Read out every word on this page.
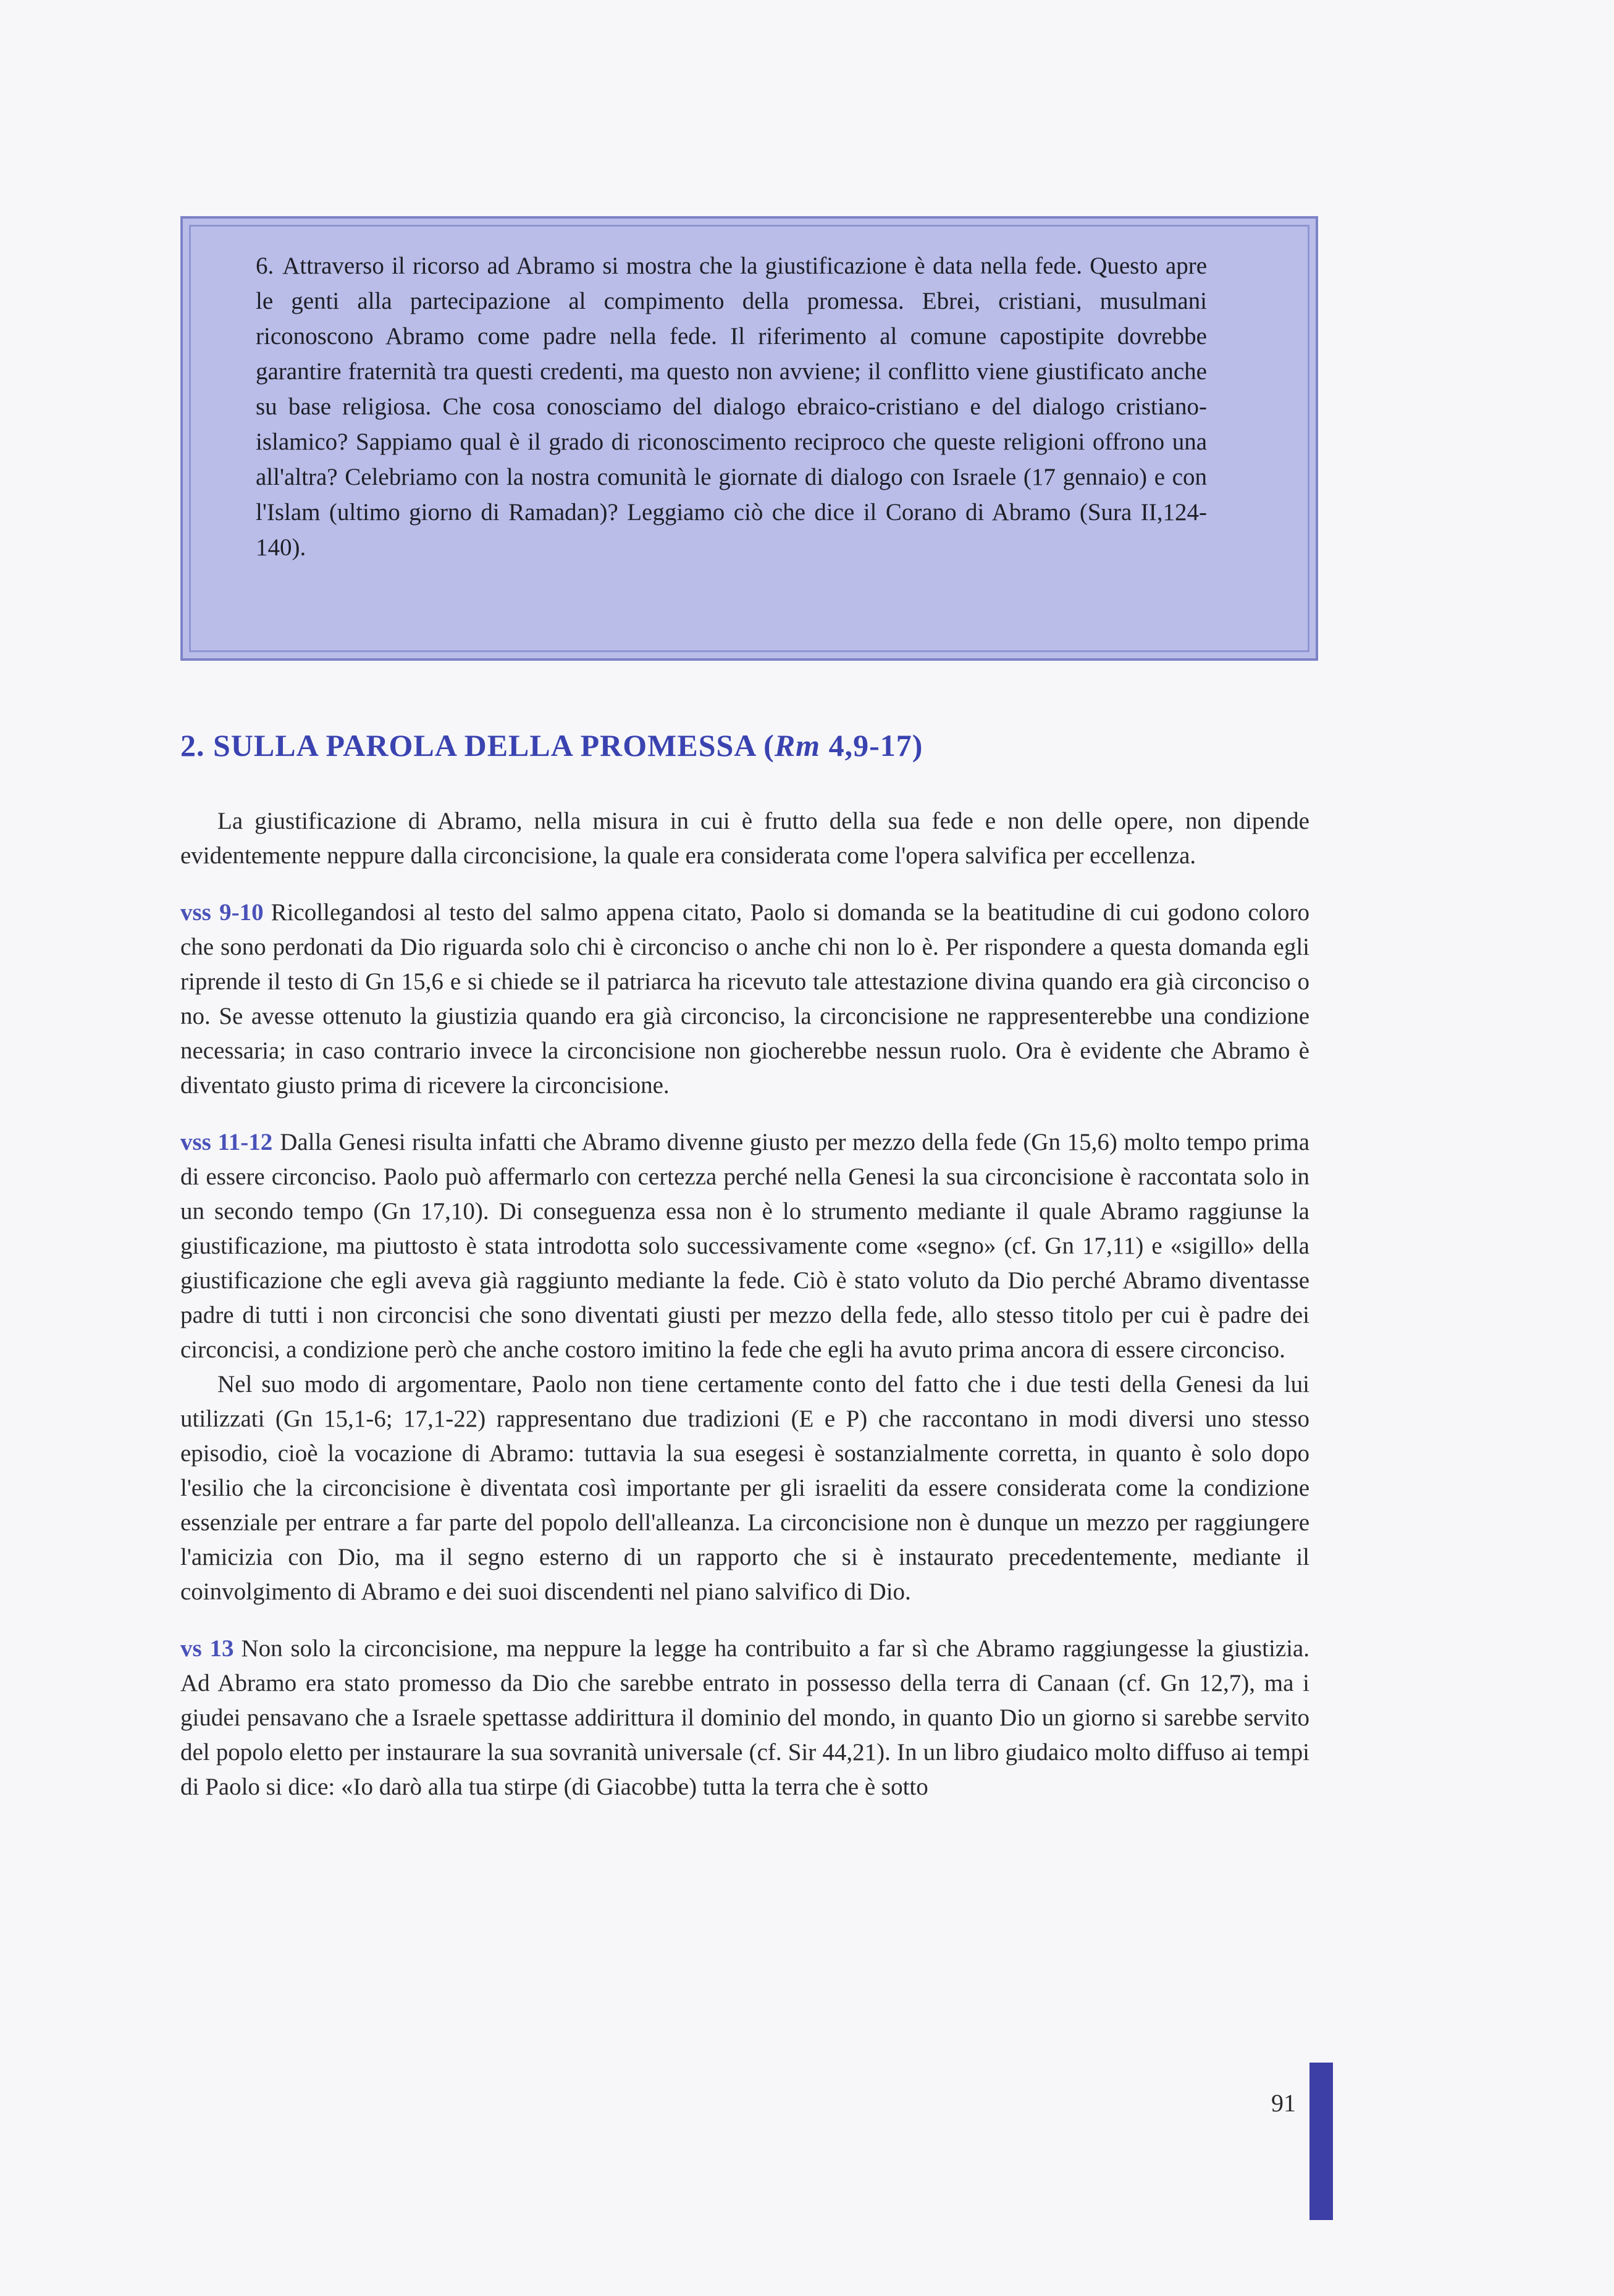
6. Attraverso il ricorso ad Abramo si mostra che la giustificazione è data nella fede. Questo apre le genti alla partecipazione al compimento della promessa. Ebrei, cristiani, musulmani riconoscono Abramo come padre nella fede. Il riferimento al comune capostipite dovrebbe garantire fraternità tra questi credenti, ma questo non avviene; il conflitto viene giustificato anche su base religiosa. Che cosa conosciamo del dialogo ebraico-cristiano e del dialogo cristiano-islamico? Sappiamo qual è il grado di riconoscimento reciproco che queste religioni offrono una all'altra? Celebriamo con la nostra comunità le giornate di dialogo con Israele (17 gennaio) e con l'Islam (ultimo giorno di Ramadan)? Leggiamo ciò che dice il Corano di Abramo (Sura II,124-140).
2. SULLA PAROLA DELLA PROMESSA (Rm 4,9-17)

La giustificazione di Abramo, nella misura in cui è frutto della sua fede e non delle opere, non dipende evidentemente neppure dalla circoncisione, la quale era considerata come l'opera salvifica per eccellenza.

vss 9-10 Ricollegandosi al testo del salmo appena citato, Paolo si domanda se la beatitudine di cui godono coloro che sono perdonati da Dio riguarda solo chi è circonciso o anche chi non lo è. Per rispondere a questa domanda egli riprende il testo di Gn 15,6 e si chiede se il patriarca ha ricevuto tale attestazione divina quando era già circonciso o no. Se avesse ottenuto la giustizia quando era già circonciso, la circoncisione ne rappresenterebbe una condizione necessaria; in caso contrario invece la circoncisione non giocherebbe nessun ruolo. Ora è evidente che Abramo è diventato giusto prima di ricevere la circoncisione.

vss 11-12 Dalla Genesi risulta infatti che Abramo divenne giusto per mezzo della fede (Gn 15,6) molto tempo prima di essere circonciso. Paolo può affermarlo con certezza perché nella Genesi la sua circoncisione è raccontata solo in un secondo tempo (Gn 17,10). Di conseguenza essa non è lo strumento mediante il quale Abramo raggiunse la giustificazione, ma piuttosto è stata introdotta solo successivamente come «segno» (cf. Gn 17,11) e «sigillo» della giustificazione che egli aveva già raggiunto mediante la fede. Ciò è stato voluto da Dio perché Abramo diventasse padre di tutti i non circoncisi che sono diventati giusti per mezzo della fede, allo stesso titolo per cui è padre dei circoncisi, a condizione però che anche costoro imitino la fede che egli ha avuto prima ancora di essere circonciso.

Nel suo modo di argomentare, Paolo non tiene certamente conto del fatto che i due testi della Genesi da lui utilizzati (Gn 15,1-6; 17,1-22) rappresentano due tradizioni (E e P) che raccontano in modi diversi uno stesso episodio, cioè la vocazione di Abramo: tuttavia la sua esegesi è sostanzialmente corretta, in quanto è solo dopo l'esilio che la circoncisione è diventata così importante per gli israeliti da essere considerata come la condizione essenziale per entrare a far parte del popolo dell'alleanza. La circoncisione non è dunque un mezzo per raggiungere l'amicizia con Dio, ma il segno esterno di un rapporto che si è instaurato precedentemente, mediante il coinvolgimento di Abramo e dei suoi discendenti nel piano salvifico di Dio.

vs 13 Non solo la circoncisione, ma neppure la legge ha contribuito a far sì che Abramo raggiungesse la giustizia. Ad Abramo era stato promesso da Dio che sarebbe entrato in possesso della terra di Canaan (cf. Gn 12,7), ma i giudei pensavano che a Israele spettasse addirittura il dominio del mondo, in quanto Dio un giorno si sarebbe servito del popolo eletto per instaurare la sua sovranità universale (cf. Sir 44,21). In un libro giudaico molto diffuso ai tempi di Paolo si dice: «Io darò alla tua stirpe (di Giacobbe) tutta la terra che è sotto

91
